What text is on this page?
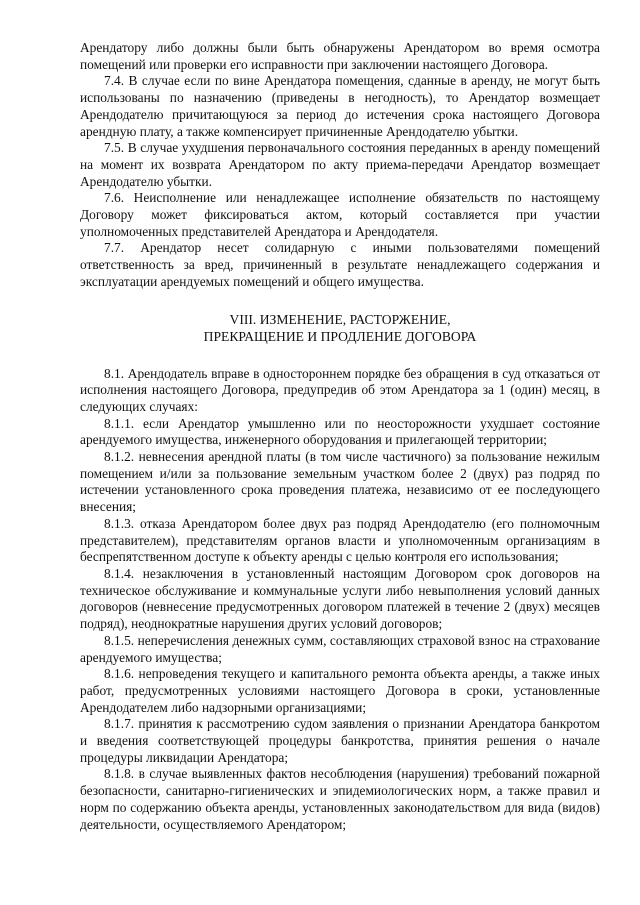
Арендатору либо должны были быть обнаружены Арендатором во время осмотра помещений или проверки его исправности при заключении настоящего Договора.

7.4. В случае если по вине Арендатора помещения, сданные в аренду, не могут быть использованы по назначению (приведены в негодность), то Арендатор возмещает Арендодателю причитающуюся за период до истечения срока настоящего Договора арендную плату, а также компенсирует причиненные Арендодателю убытки.

7.5. В случае ухудшения первоначального состояния переданных в аренду помещений на момент их возврата Арендатором по акту приема-передачи Арендатор возмещает Арендодателю убытки.

7.6. Неисполнение или ненадлежащее исполнение обязательств по настоящему Договору может фиксироваться актом, который составляется при участии уполномоченных представителей Арендатора и Арендодателя.

7.7. Арендатор несет солидарную с иными пользователями помещений ответственность за вред, причиненный в результате ненадлежащего содержания и эксплуатации арендуемых помещений и общего имущества.

VIII. ИЗМЕНЕНИЕ, РАСТОРЖЕНИЕ,
ПРЕКРАЩЕНИЕ И ПРОДЛЕНИЕ ДОГОВОРА

8.1. Арендодатель вправе в одностороннем порядке без обращения в суд отказаться от исполнения настоящего Договора, предупредив об этом Арендатора за 1 (один) месяц, в следующих случаях:

8.1.1. если Арендатор умышленно или по неосторожности ухудшает состояние арендуемого имущества, инженерного оборудования и прилегающей территории;

8.1.2. невнесения арендной платы (в том числе частичного) за пользование нежилым помещением и/или за пользование земельным участком более 2 (двух) раз подряд по истечении установленного срока проведения платежа, независимо от ее последующего внесения;

8.1.3. отказа Арендатором более двух раз подряд Арендодателю (его полномочным представителем), представителям органов власти и уполномоченным организациям в беспрепятственном доступе к объекту аренды с целью контроля его использования;

8.1.4. незаключения в установленный настоящим Договором срок договоров на техническое обслуживание и коммунальные услуги либо невыполнения условий данных договоров (невнесение предусмотренных договором платежей в течение 2 (двух) месяцев подряд), неоднократные нарушения других условий договоров;

8.1.5. неперечисления денежных сумм, составляющих страховой взнос на страхование арендуемого имущества;

8.1.6. непроведения текущего и капитального ремонта объекта аренды, а также иных работ, предусмотренных условиями настоящего Договора в сроки, установленные Арендодателем либо надзорными организациями;

8.1.7. принятия к рассмотрению судом заявления о признании Арендатора банкротом и введения соответствующей процедуры банкротства, принятия решения о начале процедуры ликвидации Арендатора;

8.1.8. в случае выявленных фактов несоблюдения (нарушения) требований пожарной безопасности, санитарно-гигиенических и эпидемиологических норм, а также правил и норм по содержанию объекта аренды, установленных законодательством для вида (видов) деятельности, осуществляемого Арендатором;
